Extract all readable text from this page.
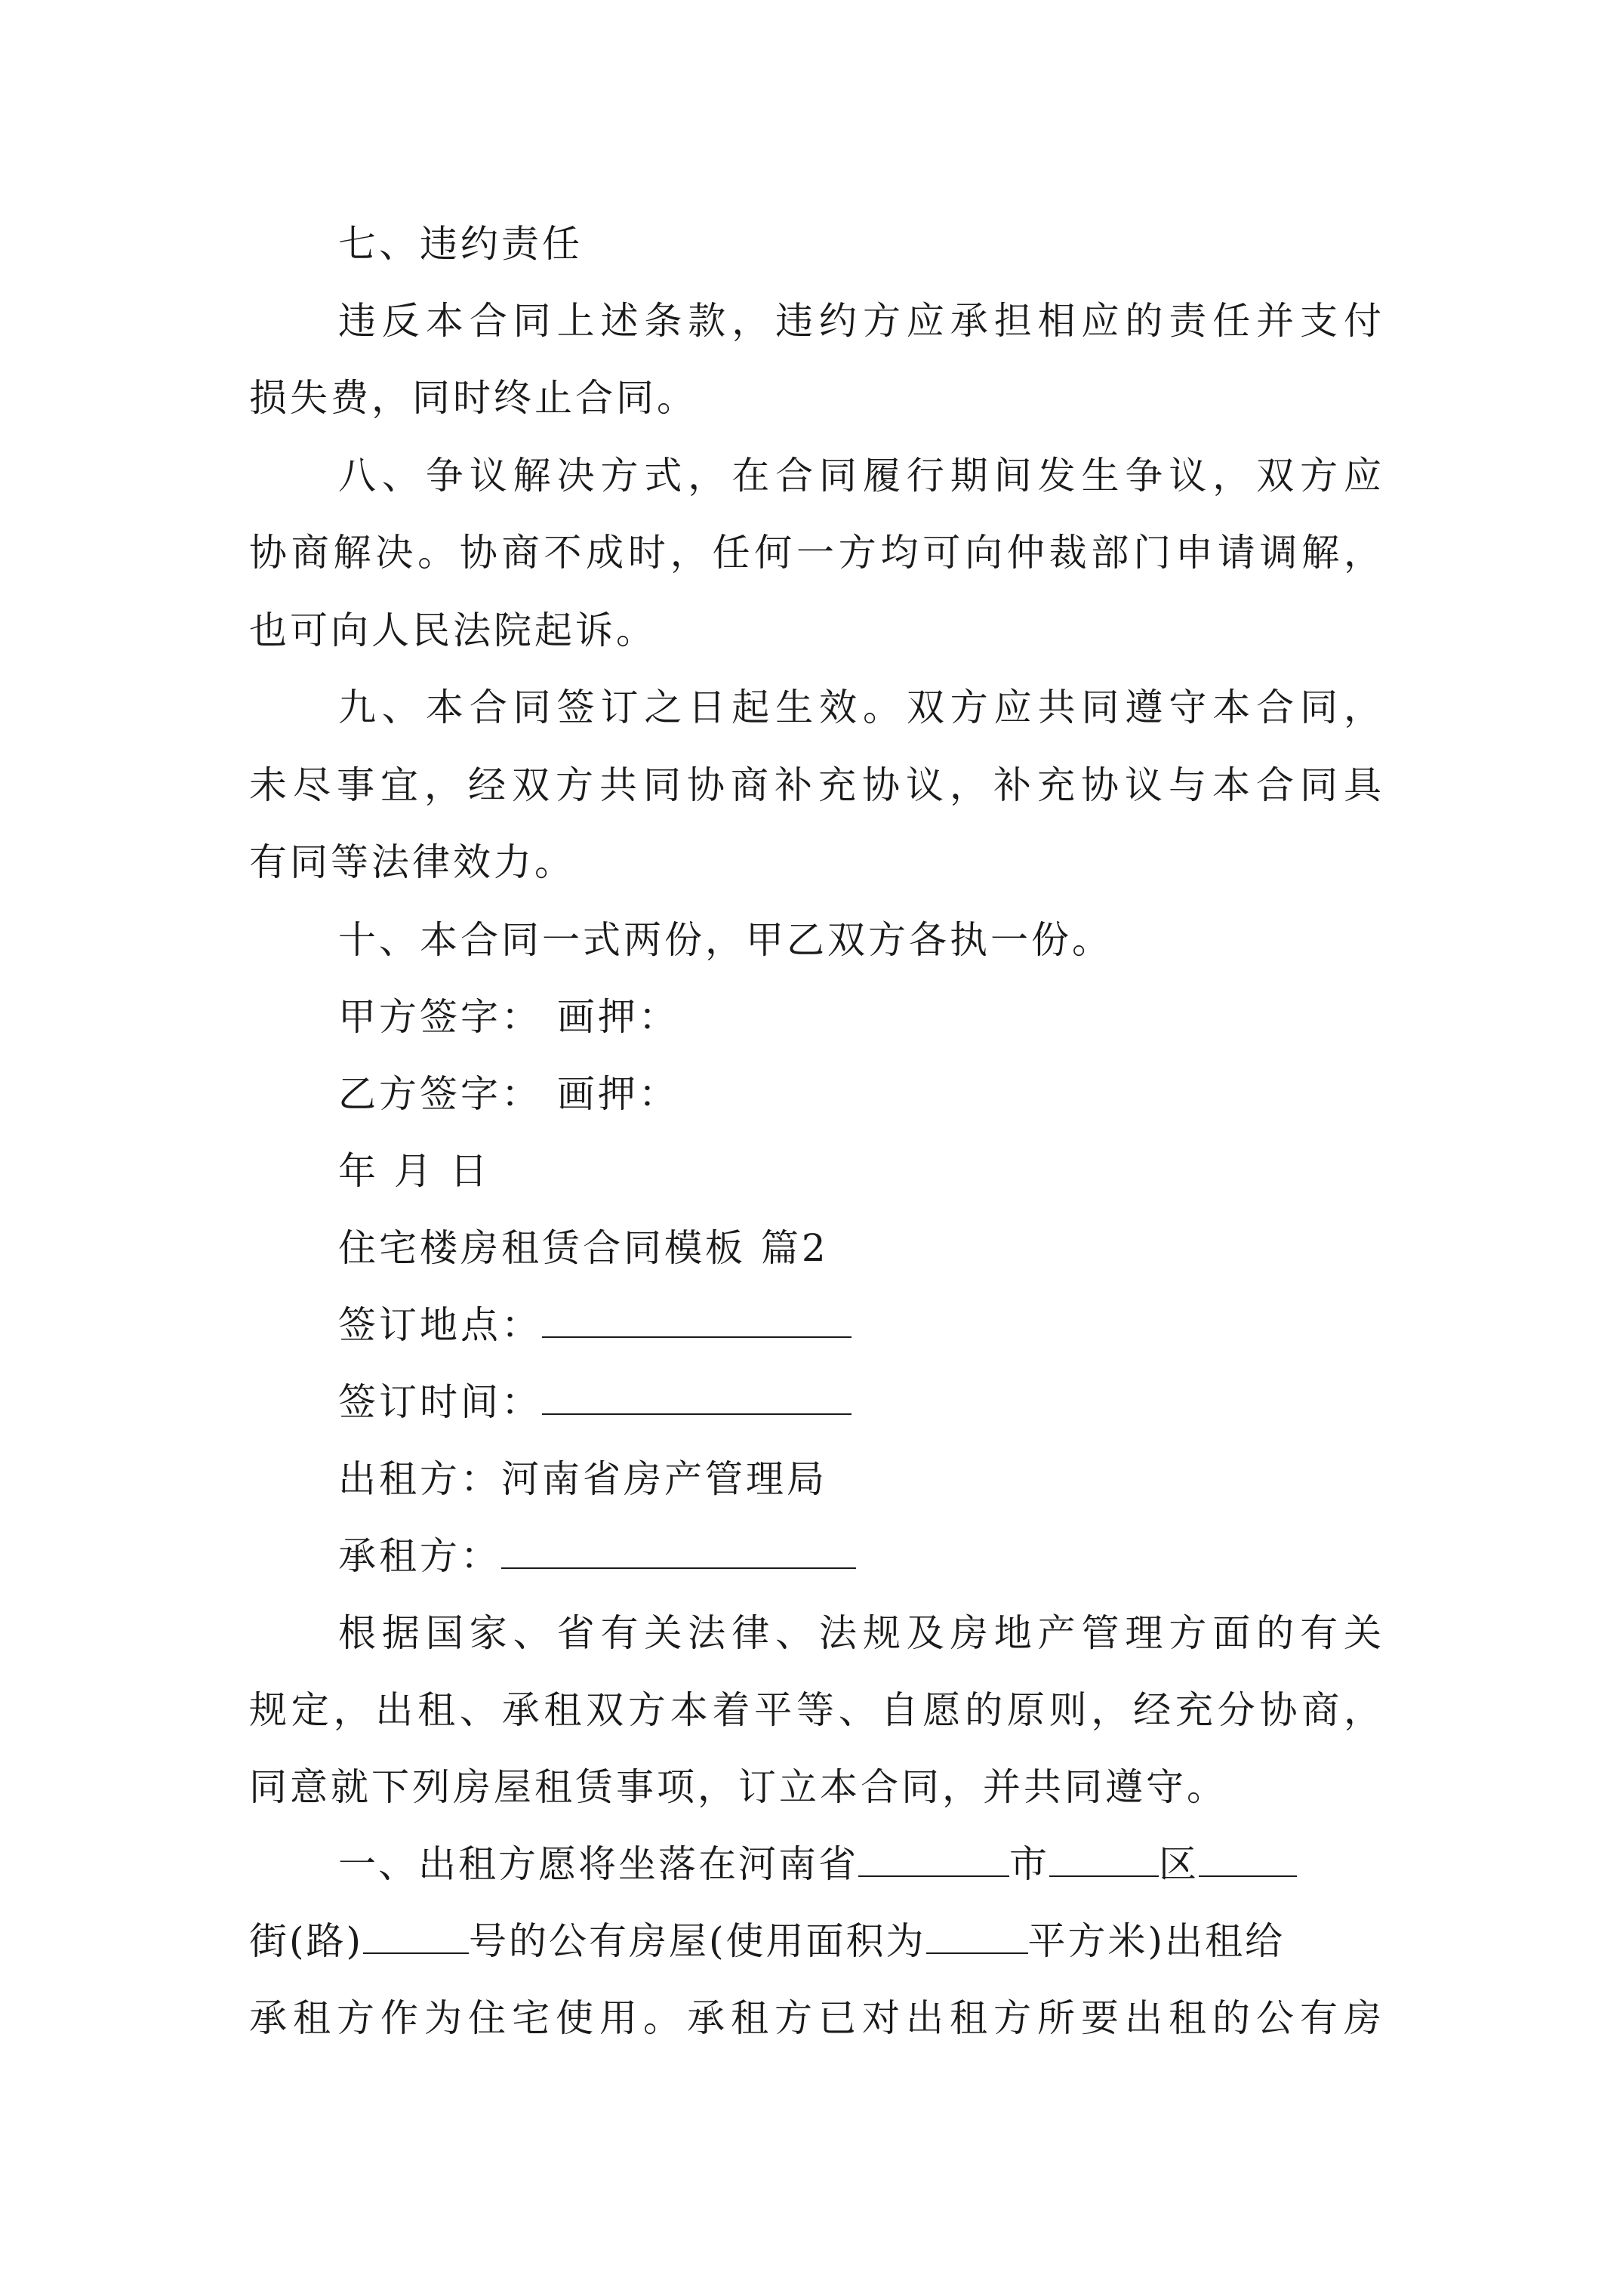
七、违约责任
违反本合同上述条款，违约方应承担相应的责任并支付
损失费，同时终止合同。
八、争议解决方式，在合同履行期间发生争议，双方应
协商解决。协商不成时，任何一方均可向仲裁部门申请调解，
也可向人民法院起诉。
九、本合同签订之日起生效。双方应共同遵守本合同，
未尽事宜，经双方共同协商补充协议，补充协议与本合同具
有同等法律效力。
十、本合同一式两份，甲乙双方各执一份。
甲方签字： 画押：
乙方签字： 画押：
年 月 日
住宅楼房租赁合同模板 篇2
签订地点：
签订时间：
出租方：河南省房产管理局
承租方：
根据国家、省有关法律、法规及房地产管理方面的有关
规定，出租、承租双方本着平等、自愿的原则，经充分协商，
同意就下列房屋租赁事项，订立本合同，并共同遵守。
一、出租方愿将坐落在河南省	市	区
街(路)	号的公有房屋(使用面积为	平方米)出租给
承租方作为住宅使用。承租方已对出租方所要出租的公有房
